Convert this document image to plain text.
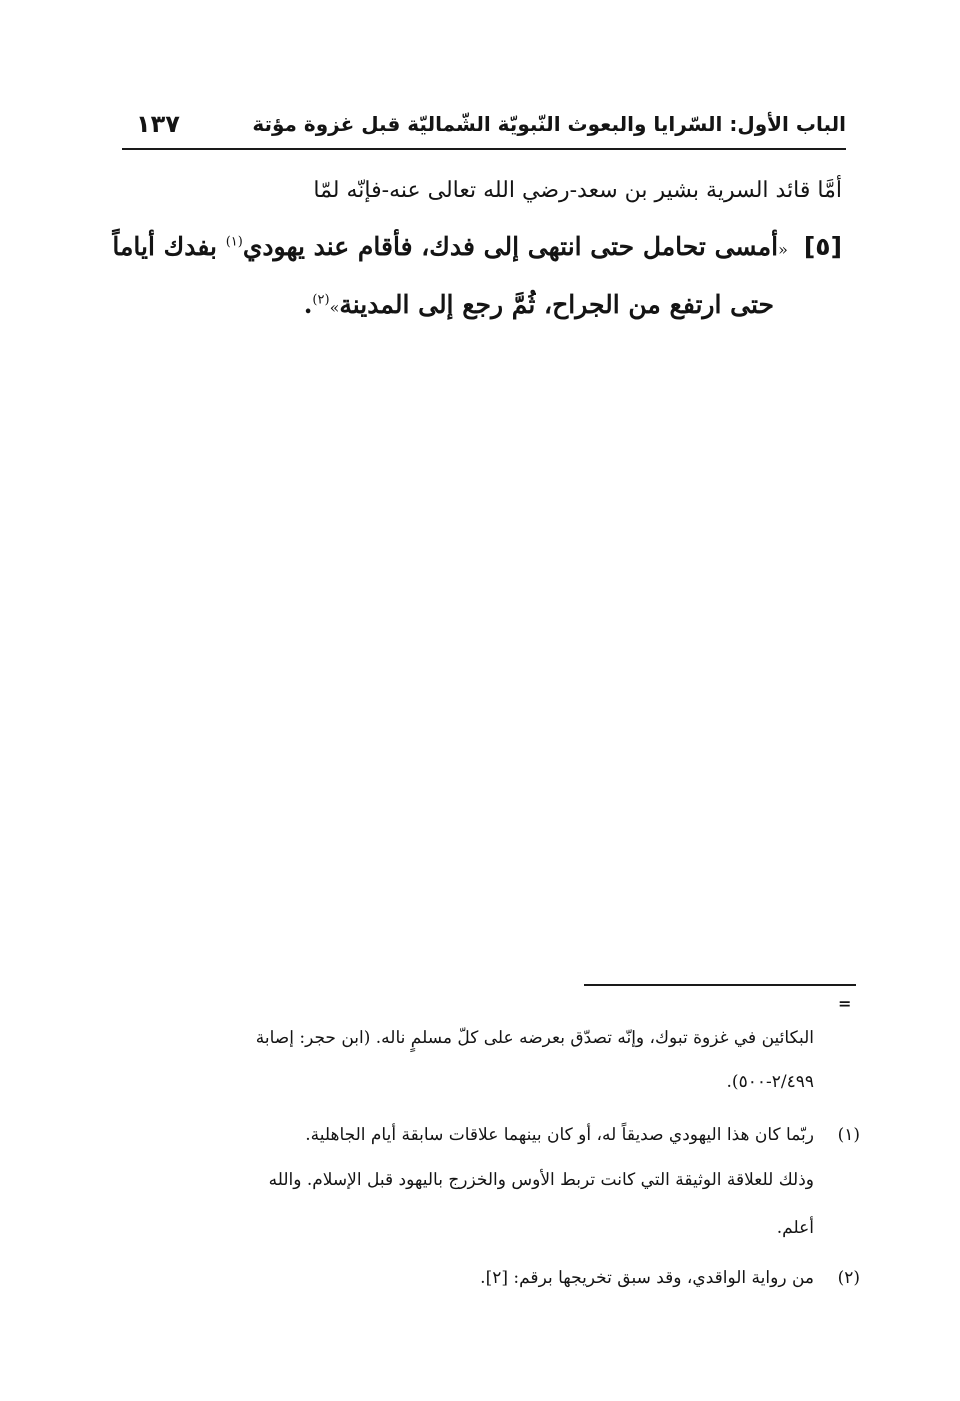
الباب الأول: السّرايا والبعوث النّبويّة الشّماليّة قبل غزوة مؤتة
١٣٧
أمَّا قائد السرية بشير بن سعد-رضي الله تعالى عنه-فإنّه لمّا
[٥]«أمسى تحامل حتى انتهى إلى فدك، فأقام عند يهودي$^{(١)}$ بفدك أياماً
حتى ارتفع من الجراح، ثُمَّ رجع إلى المدينة»$^{(٢)}$.
=
البكائين في غزوة تبوك، وإنّه تصدّق بعرضه على كلّ مسلمٍ ناله. (ابن حجر: إصابة
٢/٤٩٩-٥٠٠).
(١)ربّما كان هذا اليهودي صديقاً له، أو كان بينهما علاقات سابقة أيام الجاهلية.
وذلك للعلاقة الوثيقة التي كانت تربط الأوس والخزرج باليهود قبل الإسلام. والله
أعلم.
(٢)من رواية الواقدي، وقد سبق تخريجها برقم: [٢].
